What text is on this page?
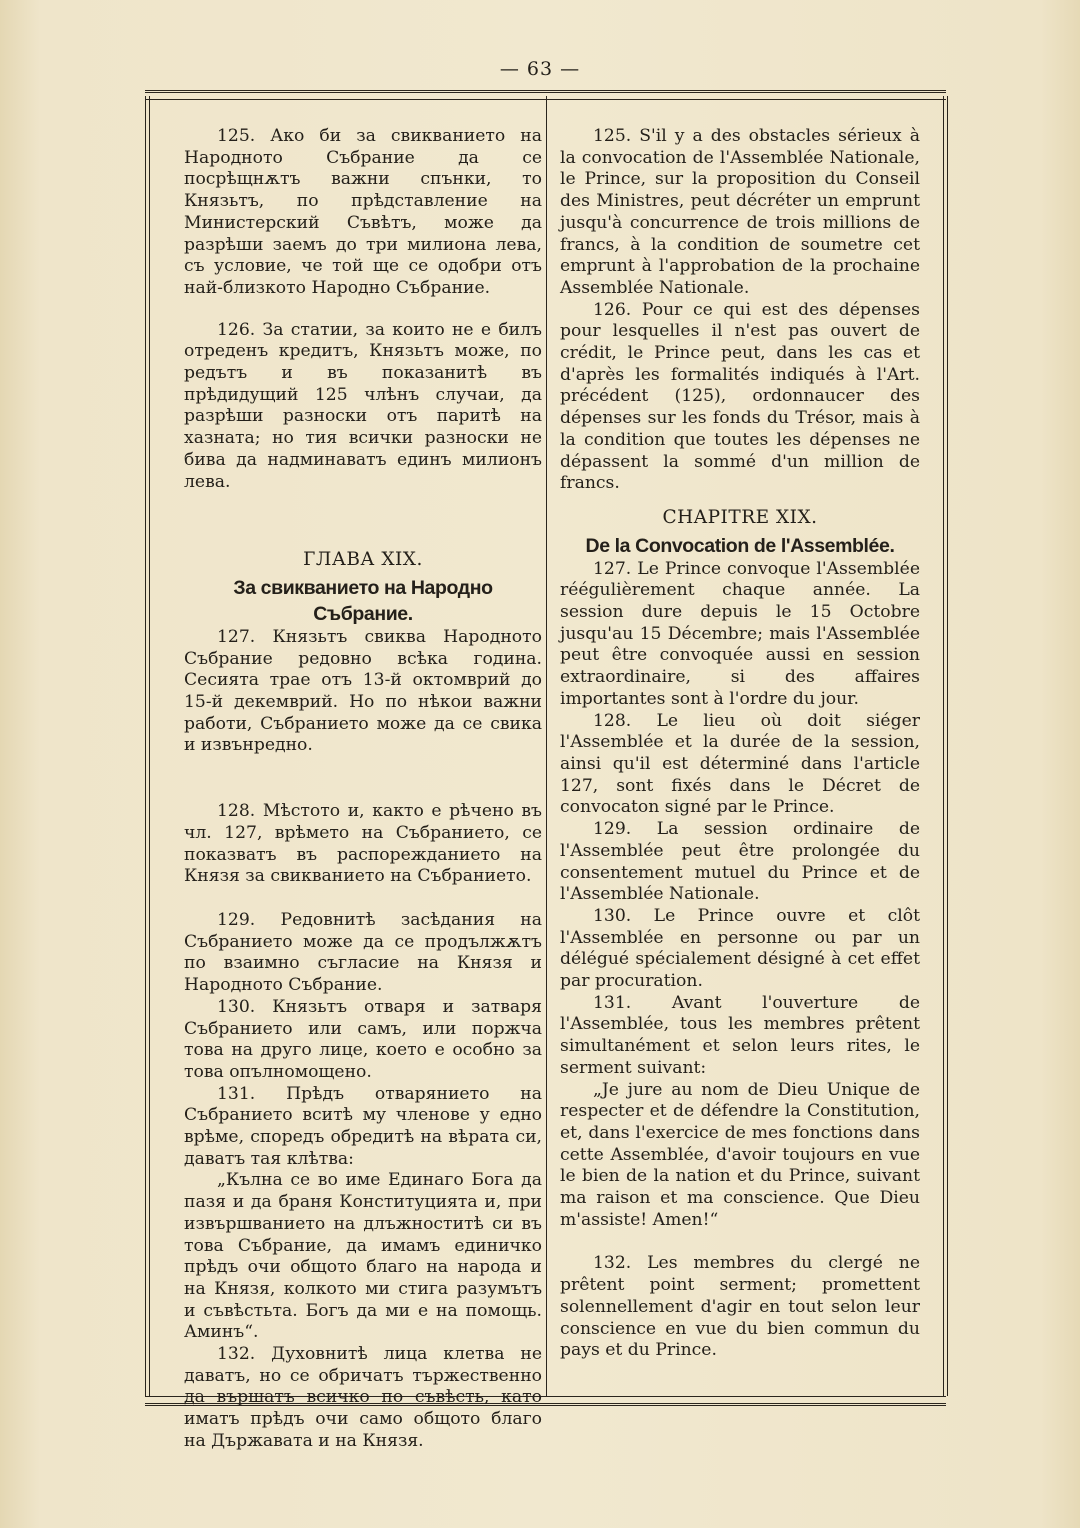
— 63 —

125. Ако би за свикванието на Народното Събрание да се посрѣщнѫтъ важни спънки, то Князьтъ, по прѣдставление на Министерский Съвѣтъ, може да разрѣши заемъ до три милиона лева, съ условие, че той ще се одобри отъ най-близкото Народно Събрание.

126. За статии, за които не е билъ отреденъ кредитъ, Князьтъ може, по редътъ и въ показанитѣ въ прѣдидущий 125 члѣнъ случаи, да разрѣши разноски отъ паритѣ на хазната; но тия всички разноски не бива да надминаватъ единъ милионъ лева.

ГЛАВА XIX.

За свикванието на Народно Събрание.

127. Князьтъ свиква Народното Събрание редовно всѣка година. Сесията трае отъ 13-й октомврий до 15-й декемврий. Но по нѣкои важни работи, Събранието може да се свика и извънредно.

128. Мѣстото и, както е рѣчено въ чл. 127, врѣмето на Събранието, се показватъ въ распорежданието на Князя за свикванието на Събранието.

129. Редовнитѣ засѣдания на Събранието може да се продължѫтъ по взаимно съгласие на Князя и Народното Събрание.

130. Князьтъ отваря и затваря Събранието или самъ, или поржча това на друго лице, което е особно за това опълномощено.

131. Прѣдъ отварянието на Събранието вситѣ му членове у едно врѣме, споредъ обредитѣ на вѣрата си, даватъ тая клѣтва:

„Кълна се во име Единаго Бога да пазя и да браня Конституцията и, при извършванието на длъжноститѣ си въ това Събрание, да имамъ единичко прѣдъ очи общото благо на народа и на Князя, колкото ми стига разумътъ и съвѣстьта. Богъ да ми е на помощь. Аминъ“.

132. Духовнитѣ лица клетва не даватъ, но се обричатъ тържественно да вършатъ всичко по съвѣсть, като иматъ прѣдъ очи само общото благо на Държавата и на Князя.

125. S'il y a des obstacles sérieux à la convocation de l'Assemblée Nationale, le Prince, sur la proposition du Conseil des Ministres, peut décréter un emprunt jusqu'à concurrence de trois millions de francs, à la condition de soumetre cet emprunt à l'approbation de la prochaine Assemblée Nationale.

126. Pour ce qui est des dépenses pour lesquelles il n'est pas ouvert de crédit, le Prince peut, dans les cas et d'après les formalités indiqués à l'Art. précédent (125), ordonnaucer des dépenses sur les fonds du Trésor, mais à la condition que toutes les dépenses ne dépassent la sommé d'un million de francs.

CHAPITRE XIX.

De la Convocation de l'Assemblée.

127. Le Prince convoque l'Assemblée réégulièrement chaque année. La session dure depuis le 15 Octobre jusqu'au 15 Décembre; mais l'Assemblée peut être convoquée aussi en session extraordinaire, si des affaires importantes sont à l'ordre du jour.

128. Le lieu où doit siéger l'Assemblée et la durée de la session, ainsi qu'il est déterminé dans l'article 127, sont fixés dans le Décret de convocaton signé par le Prince.

129. La session ordinaire de l'Assemblée peut être prolongée du consentement mutuel du Prince et de l'Assemblée Nationale.

130. Le Prince ouvre et clôt l'Assemblée en personne ou par un délégué spécialement désigné à cet effet par procuration.

131. Avant l'ouverture de l'Assemblée, tous les membres prêtent simultanément et selon leurs rites, le serment suivant:

„Je jure au nom de Dieu Unique de respecter et de défendre la Constitution, et, dans l'exercice de mes fonctions dans cette Assemblée, d'avoir toujours en vue le bien de la nation et du Prince, suivant ma raison et ma conscience. Que Dieu m'assiste! Amen!“

132. Les membres du clergé ne prêtent point serment; promettent solennellement d'agir en tout selon leur conscience en vue du bien commun du pays et du Prince.
